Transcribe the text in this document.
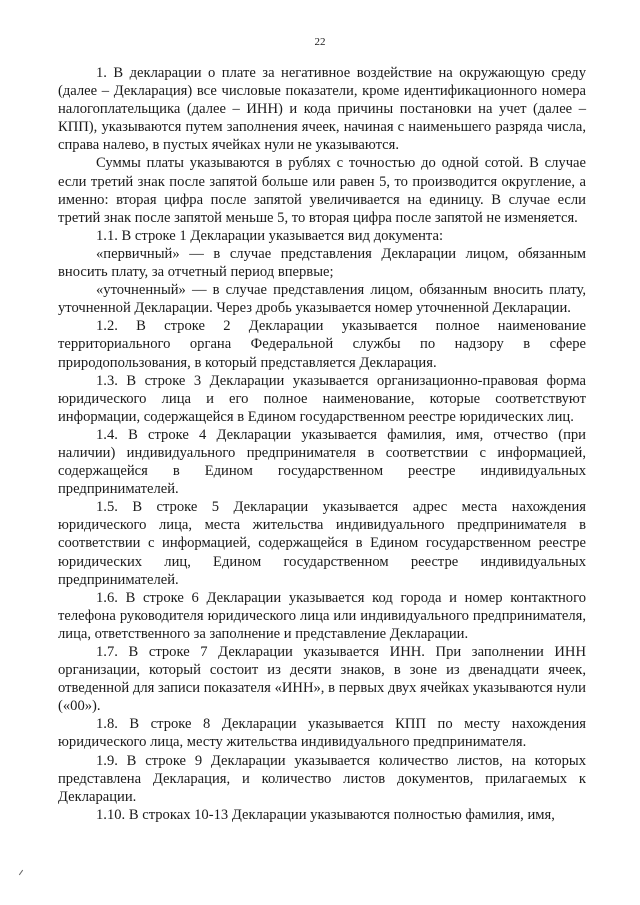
22

1. В декларации о плате за негативное воздействие на окружающую среду (далее – Декларация) все числовые показатели, кроме идентификационного номера налогоплательщика (далее – ИНН) и кода причины постановки на учет (далее – КПП), указываются путем заполнения ячеек, начиная с наименьшего разряда числа, справа налево, в пустых ячейках нули не указываются.

Суммы платы указываются в рублях с точностью до одной сотой. В случае если третий знак после запятой больше или равен 5, то производится округление, а именно: вторая цифра после запятой увеличивается на единицу. В случае если третий знак после запятой меньше 5, то вторая цифра после запятой не изменяется.

1.1. В строке 1 Декларации указывается вид документа:

«первичный» — в случае представления Декларации лицом, обязанным вносить плату, за отчетный период впервые;

«уточненный» — в случае представления лицом, обязанным вносить плату, уточненной Декларации. Через дробь указывается номер уточненной Декларации.

1.2. В строке 2 Декларации указывается полное наименование территориального органа Федеральной службы по надзору в сфере природопользования, в который представляется Декларация.

1.3. В строке 3 Декларации указывается организационно-правовая форма юридического лица и его полное наименование, которые соответствуют информации, содержащейся в Едином государственном реестре юридических лиц.

1.4. В строке 4 Декларации указывается фамилия, имя, отчество (при наличии) индивидуального предпринимателя в соответствии с информацией, содержащейся в Едином государственном реестре индивидуальных предпринимателей.

1.5. В строке 5 Декларации указывается адрес места нахождения юридического лица, места жительства индивидуального предпринимателя в соответствии с информацией, содержащейся в Едином государственном реестре юридических лиц, Едином государственном реестре индивидуальных предпринимателей.

1.6. В строке 6 Декларации указывается код города и номер контактного телефона руководителя юридического лица или индивидуального предпринимателя, лица, ответственного за заполнение и представление Декларации.

1.7. В строке 7 Декларации указывается ИНН. При заполнении ИНН организации, который состоит из десяти знаков, в зоне из двенадцати ячеек, отведенной для записи показателя «ИНН», в первых двух ячейках указываются нули («00»).

1.8. В строке 8 Декларации указывается КПП по месту нахождения юридического лица, месту жительства индивидуального предпринимателя.

1.9. В строке 9 Декларации указывается количество листов, на которых представлена Декларация, и количество листов документов, прилагаемых к Декларации.

1.10. В строках 10-13 Декларации указываются полностью фамилия, имя,
